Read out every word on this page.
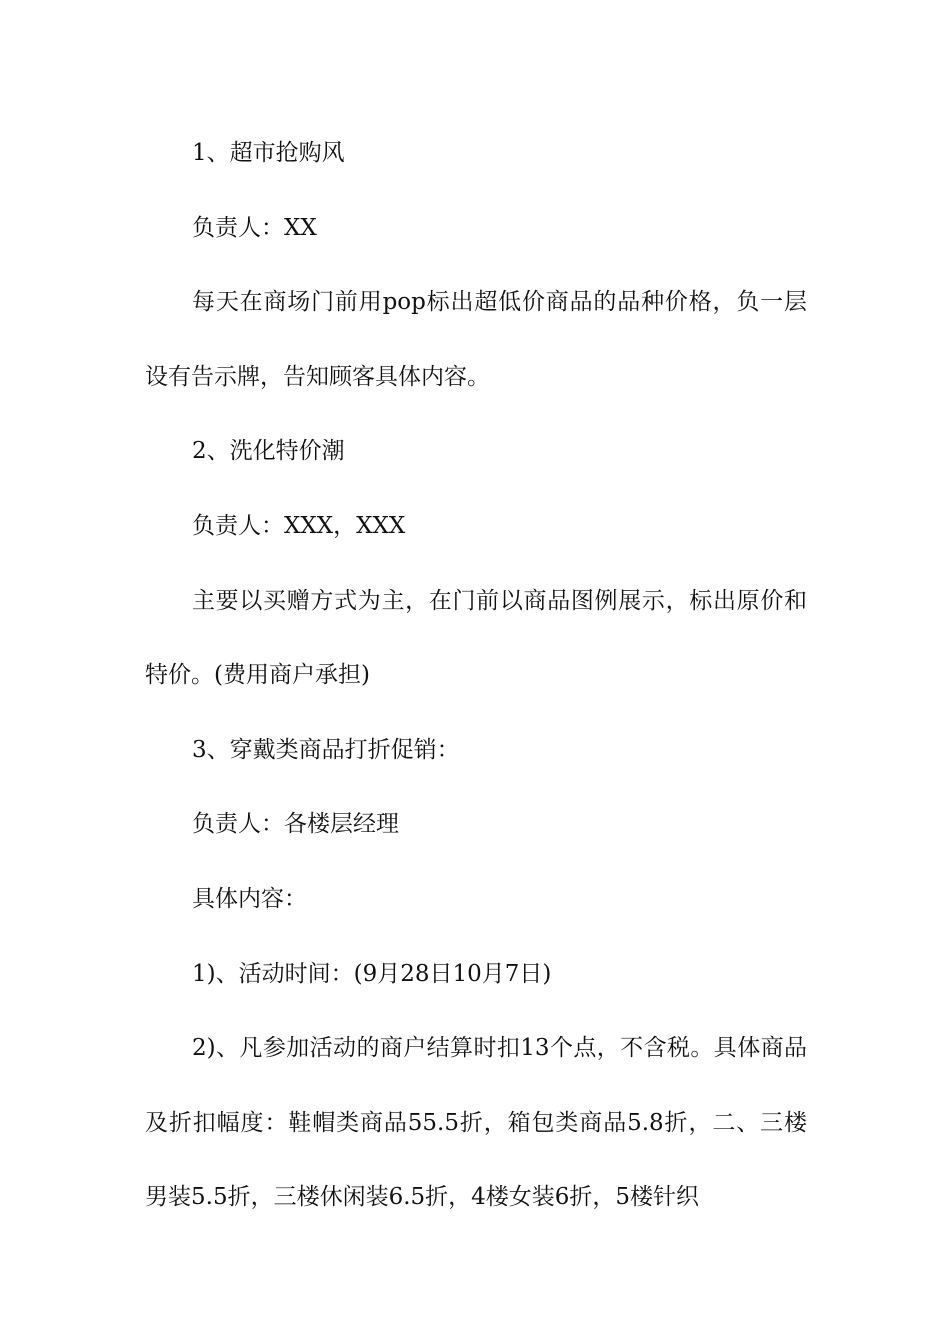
1、超市抢购风

负责人：XX

每天在商场门前用pop标出超低价商品的品种价格，负一层设有告示牌，告知顾客具体内容。

2、洗化特价潮

负责人：XXX，XXX

主要以买赠方式为主，在门前以商品图例展示，标出原价和特价。(费用商户承担)

3、穿戴类商品打折促销：

负责人：各楼层经理

具体内容：

1)、活动时间：(9月28日10月7日)

2)、凡参加活动的商户结算时扣13个点，不含税。具体商品及折扣幅度：鞋帽类商品55.5折，箱包类商品5.8折，二、三楼男装5.5折，三楼休闲装6.5折，4楼女装6折，5楼针织
